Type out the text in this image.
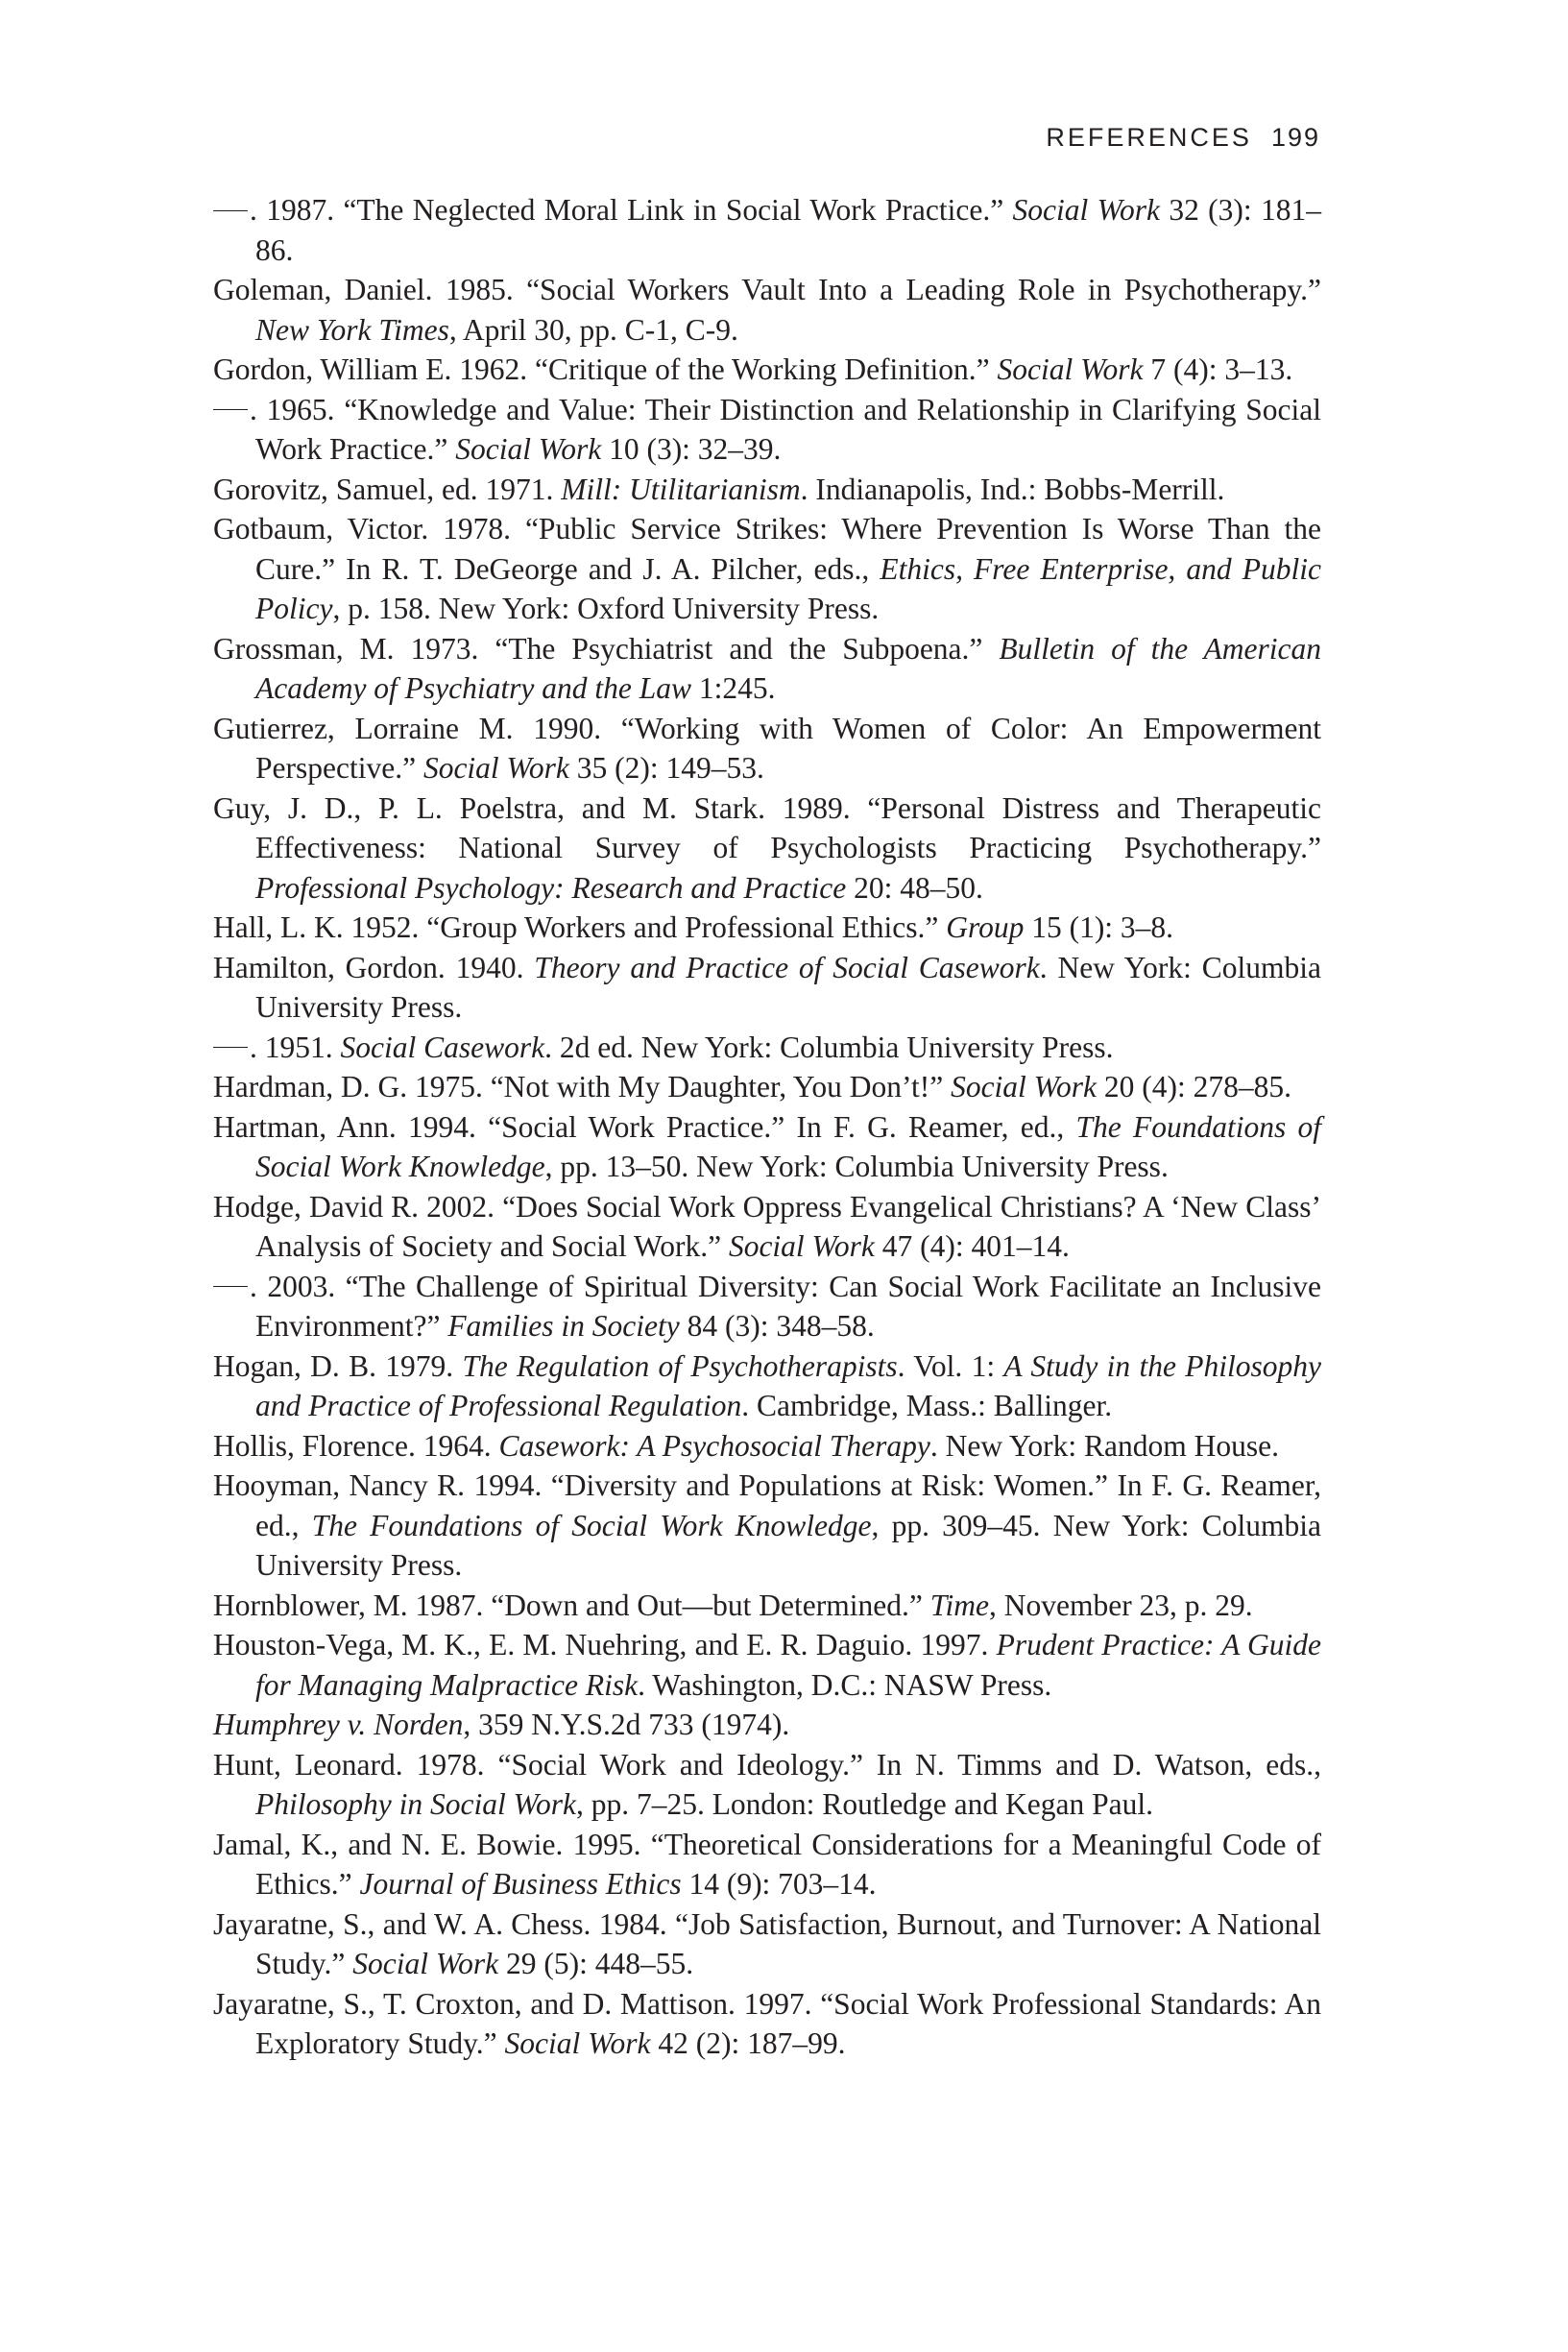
REFERENCES 199

. 1987. “The Neglected Moral Link in Social Work Practice.” Social Work 32 (3): 181–86.

Goleman, Daniel. 1985. “Social Workers Vault Into a Leading Role in Psychotherapy.” New York Times, April 30, pp. C-1, C-9.

Gordon, William E. 1962. “Critique of the Working Definition.” Social Work 7 (4): 3–13.

. 1965. “Knowledge and Value: Their Distinction and Relationship in Clarifying Social Work Practice.” Social Work 10 (3): 32–39.

Gorovitz, Samuel, ed. 1971. Mill: Utilitarianism. Indianapolis, Ind.: Bobbs-Merrill.

Gotbaum, Victor. 1978. “Public Service Strikes: Where Prevention Is Worse Than the Cure.” In R. T. DeGeorge and J. A. Pilcher, eds., Ethics, Free Enterprise, and Public Policy, p. 158. New York: Oxford University Press.

Grossman, M. 1973. “The Psychiatrist and the Subpoena.” Bulletin of the American Academy of Psychiatry and the Law 1:245.

Gutierrez, Lorraine M. 1990. “Working with Women of Color: An Empowerment Perspective.” Social Work 35 (2): 149–53.

Guy, J. D., P. L. Poelstra, and M. Stark. 1989. “Personal Distress and Therapeutic Effectiveness: National Survey of Psychologists Practicing Psychotherapy.” Professional Psychology: Research and Practice 20: 48–50.

Hall, L. K. 1952. “Group Workers and Professional Ethics.” Group 15 (1): 3–8.

Hamilton, Gordon. 1940. Theory and Practice of Social Casework. New York: Columbia University Press.

. 1951. Social Casework. 2d ed. New York: Columbia University Press.

Hardman, D. G. 1975. “Not with My Daughter, You Don’t!” Social Work 20 (4): 278–85.

Hartman, Ann. 1994. “Social Work Practice.” In F. G. Reamer, ed., The Foundations of Social Work Knowledge, pp. 13–50. New York: Columbia University Press.

Hodge, David R. 2002. “Does Social Work Oppress Evangelical Christians? A ‘New Class’ Analysis of Society and Social Work.” Social Work 47 (4): 401–14.

. 2003. “The Challenge of Spiritual Diversity: Can Social Work Facilitate an Inclusive Environment?” Families in Society 84 (3): 348–58.

Hogan, D. B. 1979. The Regulation of Psychotherapists. Vol. 1: A Study in the Philosophy and Practice of Professional Regulation. Cambridge, Mass.: Ballinger.

Hollis, Florence. 1964. Casework: A Psychosocial Therapy. New York: Random House.

Hooyman, Nancy R. 1994. “Diversity and Populations at Risk: Women.” In F. G. Reamer, ed., The Foundations of Social Work Knowledge, pp. 309–45. New York: Columbia University Press.

Hornblower, M. 1987. “Down and Out—but Determined.” Time, November 23, p. 29.

Houston-Vega, M. K., E. M. Nuehring, and E. R. Daguio. 1997. Prudent Practice: A Guide for Managing Malpractice Risk. Washington, D.C.: NASW Press.

Humphrey v. Norden, 359 N.Y.S.2d 733 (1974).

Hunt, Leonard. 1978. “Social Work and Ideology.” In N. Timms and D. Watson, eds., Philosophy in Social Work, pp. 7–25. London: Routledge and Kegan Paul.

Jamal, K., and N. E. Bowie. 1995. “Theoretical Considerations for a Meaningful Code of Ethics.” Journal of Business Ethics 14 (9): 703–14.

Jayaratne, S., and W. A. Chess. 1984. “Job Satisfaction, Burnout, and Turnover: A National Study.” Social Work 29 (5): 448–55.

Jayaratne, S., T. Croxton, and D. Mattison. 1997. “Social Work Professional Standards: An Exploratory Study.” Social Work 42 (2): 187–99.
